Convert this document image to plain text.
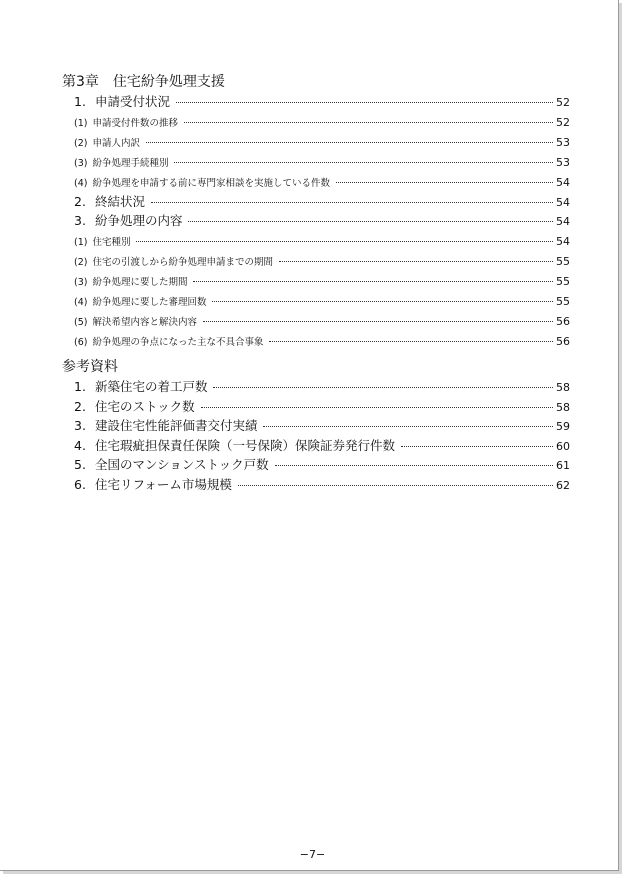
第3章　住宅紛争処理支援
1. 申請受付状況	52
(1) 申請受付件数の推移	52
(2) 申請人内訳	53
(3) 紛争処理手続種別	53
(4) 紛争処理を申請する前に専門家相談を実施している件数	54
2. 終結状況	54
3. 紛争処理の内容	54
(1) 住宅種別	54
(2) 住宅の引渡しから紛争処理申請までの期間	55
(3) 紛争処理に要した期間	55
(4) 紛争処理に要した審理回数	55
(5) 解決希望内容と解決内容	56
(6) 紛争処理の争点になった主な不具合事象	56
参考資料
1. 新築住宅の着工戸数	58
2. 住宅のストック数	58
3. 建設住宅性能評価書交付実績	59
4. 住宅瑕疵担保責任保険（一号保険）保険証券発行件数	60
5. 全国のマンションストック戸数	61
6. 住宅リフォーム市場規模	62
−7−
